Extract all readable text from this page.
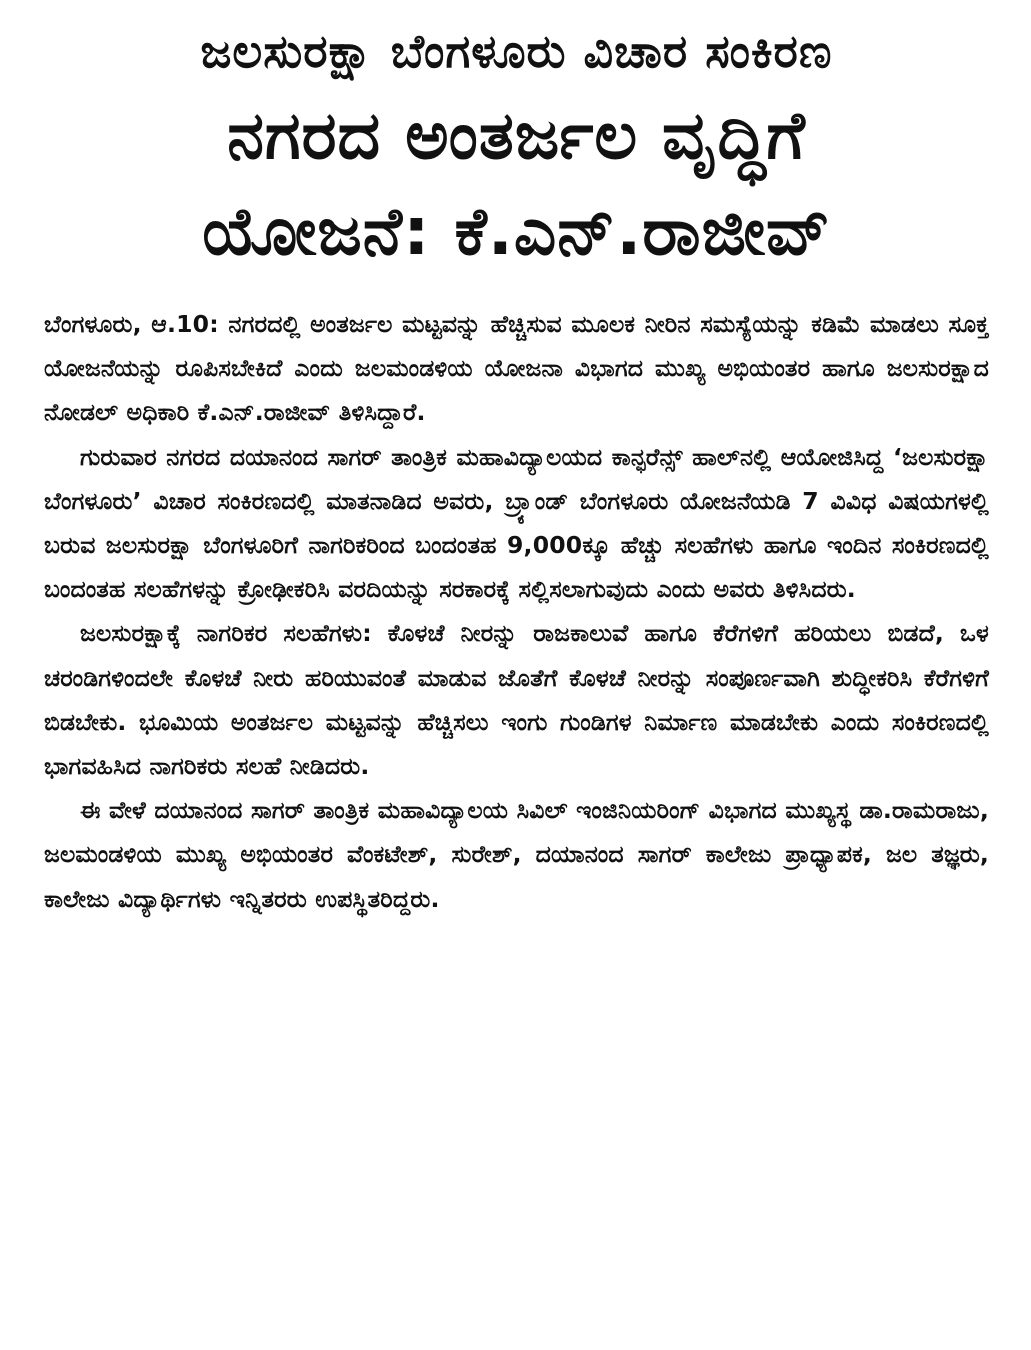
ಜಲಸುರಕ್ಷಾ ಬೆಂಗಳೂರು ವಿಚಾರ ಸಂಕಿರಣ
ನಗರದ ಅಂತರ್ಜಲ ವೃದ್ಧಿಗೆ
ಯೋಜನೆ: ಕೆ.ಎನ್.ರಾಜೀವ್

ಬೆಂಗಳೂರು, ಆ.10: ನಗರದಲ್ಲಿ ಅಂತರ್ಜಲ ಮಟ್ಟವನ್ನು ಹೆಚ್ಚಿಸುವ ಮೂಲಕ ನೀರಿನ ಸಮಸ್ಯೆಯನ್ನು ಕಡಿಮೆ ಮಾಡಲು ಸೂಕ್ತ ಯೋಜನೆಯನ್ನು ರೂಪಿಸಬೇಕಿದೆ ಎಂದು ಜಲಮಂಡಳಿಯ ಯೋಜನಾ ವಿಭಾಗದ ಮುಖ್ಯ ಅಭಿಯಂತರ ಹಾಗೂ ಜಲಸುರಕ್ಷಾದ ನೋಡಲ್ ಅಧಿಕಾರಿ ಕೆ.ಎನ್.ರಾಜೀವ್ ತಿಳಿಸಿದ್ದಾರೆ.

ಗುರುವಾರ ನಗರದ ದಯಾನಂದ ಸಾಗರ್ ತಾಂತ್ರಿಕ ಮಹಾವಿದ್ಯಾಲಯದ ಕಾನ್ಫರೆನ್ಸ್ ಹಾಲ್‌ನಲ್ಲಿ ಆಯೋಜಿಸಿದ್ದ ‘ಜಲಸುರಕ್ಷಾ ಬೆಂಗಳೂರು’ ವಿಚಾರ ಸಂಕಿರಣದಲ್ಲಿ ಮಾತನಾಡಿದ ಅವರು, ಬ್ರ್ಯಾಂಡ್ ಬೆಂಗಳೂರು ಯೋಜನೆಯಡಿ 7 ವಿವಿಧ ವಿಷಯಗಳಲ್ಲಿ ಬರುವ ಜಲಸುರಕ್ಷಾ ಬೆಂಗಳೂರಿಗೆ ನಾಗರಿಕರಿಂದ ಬಂದಂತಹ 9,000ಕ್ಕೂ ಹೆಚ್ಚು ಸಲಹೆಗಳು ಹಾಗೂ ಇಂದಿನ ಸಂಕಿರಣದಲ್ಲಿ ಬಂದಂತಹ ಸಲಹೆಗಳನ್ನು ಕ್ರೋಢೀಕರಿಸಿ ವರದಿಯನ್ನು ಸರಕಾರಕ್ಕೆ ಸಲ್ಲಿಸಲಾಗುವುದು ಎಂದು ಅವರು ತಿಳಿಸಿದರು.

ಜಲಸುರಕ್ಷಾಕ್ಕೆ ನಾಗರಿಕರ ಸಲಹೆಗಳು: ಕೊಳಚೆ ನೀರನ್ನು ರಾಜಕಾಲುವೆ ಹಾಗೂ ಕೆರೆಗಳಿಗೆ ಹರಿಯಲು ಬಿಡದೆ, ಒಳ ಚರಂಡಿಗಳಿಂದಲೇ ಕೊಳಚೆ ನೀರು ಹರಿಯುವಂತೆ ಮಾಡುವ ಜೊತೆಗೆ ಕೊಳಚೆ ನೀರನ್ನು ಸಂಪೂರ್ಣವಾಗಿ ಶುದ್ಧೀಕರಿಸಿ ಕೆರೆಗಳಿಗೆ ಬಿಡಬೇಕು. ಭೂಮಿಯ ಅಂತರ್ಜಲ ಮಟ್ಟವನ್ನು ಹೆಚ್ಚಿಸಲು ಇಂಗು ಗುಂಡಿಗಳ ನಿರ್ಮಾಣ ಮಾಡಬೇಕು ಎಂದು ಸಂಕಿರಣದಲ್ಲಿ ಭಾಗವಹಿಸಿದ ನಾಗರಿಕರು ಸಲಹೆ ನೀಡಿದರು.

ಈ ವೇಳೆ ದಯಾನಂದ ಸಾಗರ್ ತಾಂತ್ರಿಕ ಮಹಾವಿದ್ಯಾಲಯ ಸಿವಿಲ್ ಇಂಜಿನಿಯರಿಂಗ್ ವಿಭಾಗದ ಮುಖ್ಯಸ್ಥ ಡಾ.ರಾಮರಾಜು, ಜಲಮಂಡಳಿಯ ಮುಖ್ಯ ಅಭಿಯಂತರ ವೆಂಕಟೇಶ್, ಸುರೇಶ್, ದಯಾನಂದ ಸಾಗರ್ ಕಾಲೇಜು ಪ್ರಾಧ್ಯಾಪಕ, ಜಲ ತಜ್ಞರು, ಕಾಲೇಜು ವಿದ್ಯಾರ್ಥಿಗಳು ಇನ್ನಿತರರು ಉಪಸ್ಥಿತರಿದ್ದರು.
